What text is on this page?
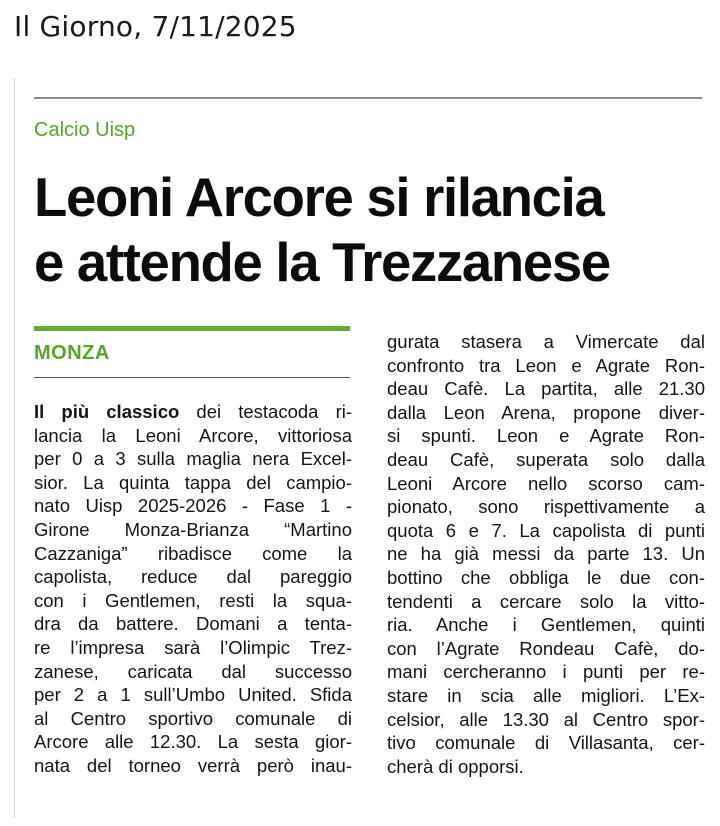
Il Giorno, 7/11/2025
Calcio Uisp
Leoni Arcore si rilancia
e attende la Trezzanese
MONZA
Il più classico dei testacoda ri-
lancia la Leoni Arcore, vittoriosa
per 0 a 3 sulla maglia nera Excel-
sior. La quinta tappa del campio-
nato Uisp 2025-2026 - Fase 1 -
Girone Monza-Brianza “Martino
Cazzaniga” ribadisce come la
capolista, reduce dal pareggio
con i Gentlemen, resti la squa-
dra da battere. Domani a tenta-
re l’impresa sarà l’Olimpic Trez-
zanese, caricata dal successo
per 2 a 1 sull’Umbo United. Sfida
al Centro sportivo comunale di
Arcore alle 12.30. La sesta gior-
nata del torneo verrà però inau-
gurata stasera a Vimercate dal
confronto tra Leon e Agrate Ron-
deau Cafè. La partita, alle 21.30
dalla Leon Arena, propone diver-
si spunti. Leon e Agrate Ron-
deau Cafè, superata solo dalla
Leoni Arcore nello scorso cam-
pionato, sono rispettivamente a
quota 6 e 7. La capolista di punti
ne ha già messi da parte 13. Un
bottino che obbliga le due con-
tendenti a cercare solo la vitto-
ria. Anche i Gentlemen, quinti
con l’Agrate Rondeau Cafè, do-
mani cercheranno i punti per re-
stare in scia alle migliori. L’Ex-
celsior, alle 13.30 al Centro spor-
tivo comunale di Villasanta, cer-
cherà di opporsi.
